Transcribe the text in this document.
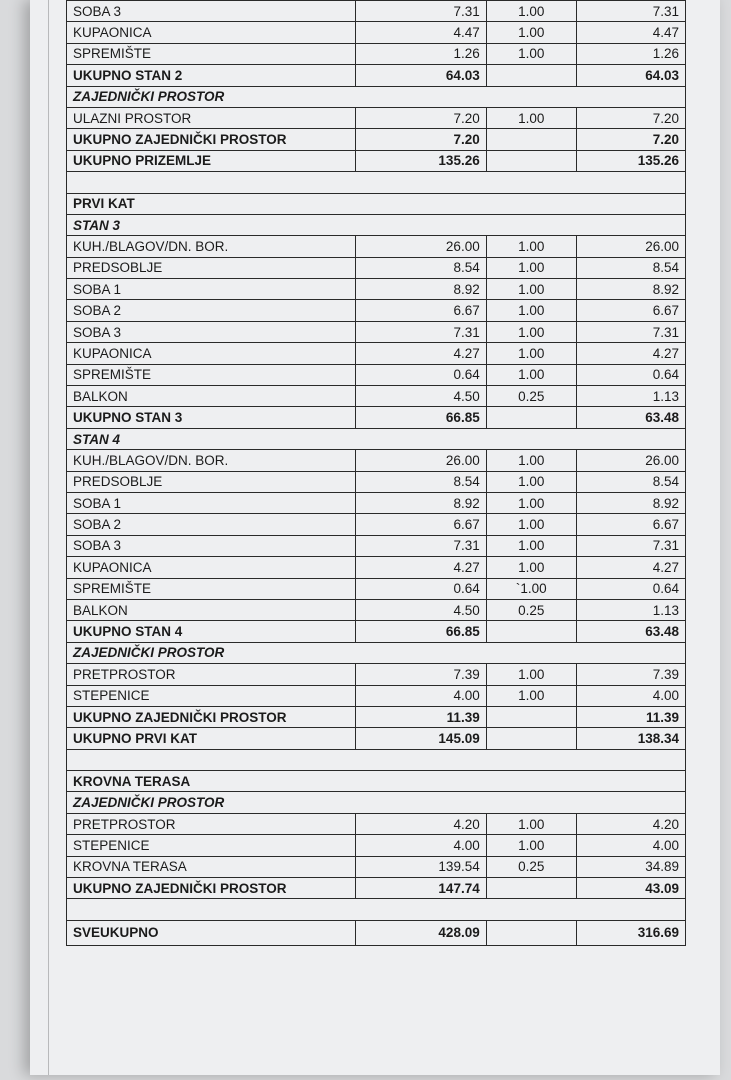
SOBA 3	7.31	1.00	7.31
KUPAONICA	4.47	1.00	4.47
SPREMIŠTE	1.26	1.00	1.26
UKUPNO STAN 2	64.03		64.03
ZAJEDNIČKI PROSTOR			
ULAZNI PROSTOR	7.20	1.00	7.20
UKUPNO ZAJEDNIČKI PROSTOR	7.20		7.20
UKUPNO PRIZEMLJE	135.26		135.26

PRVI KAT			
STAN 3			
KUH./BLAGOV/DN. BOR.	26.00	1.00	26.00
PREDSOBLJE	8.54	1.00	8.54
SOBA 1	8.92	1.00	8.92
SOBA 2	6.67	1.00	6.67
SOBA 3	7.31	1.00	7.31
KUPAONICA	4.27	1.00	4.27
SPREMIŠTE	0.64	1.00	0.64
BALKON	4.50	0.25	1.13
UKUPNO STAN 3	66.85		63.48
STAN 4			
KUH./BLAGOV/DN. BOR.	26.00	1.00	26.00
PREDSOBLJE	8.54	1.00	8.54
SOBA 1	8.92	1.00	8.92
SOBA 2	6.67	1.00	6.67
SOBA 3	7.31	1.00	7.31
KUPAONICA	4.27	1.00	4.27
SPREMIŠTE	0.64	`1.00	0.64
BALKON	4.50	0.25	1.13
UKUPNO STAN 4	66.85		63.48
ZAJEDNIČKI PROSTOR			
PRETPROSTOR	7.39	1.00	7.39
STEPENICE	4.00	1.00	4.00
UKUPNO ZAJEDNIČKI PROSTOR	11.39		11.39
UKUPNO PRVI KAT	145.09		138.34

KROVNA TERASA			
ZAJEDNIČKI PROSTOR			
PRETPROSTOR	4.20	1.00	4.20
STEPENICE	4.00	1.00	4.00
KROVNA TERASA	139.54	0.25	34.89
UKUPNO ZAJEDNIČKI PROSTOR	147.74		43.09

SVEUKUPNO	428.09		316.69
